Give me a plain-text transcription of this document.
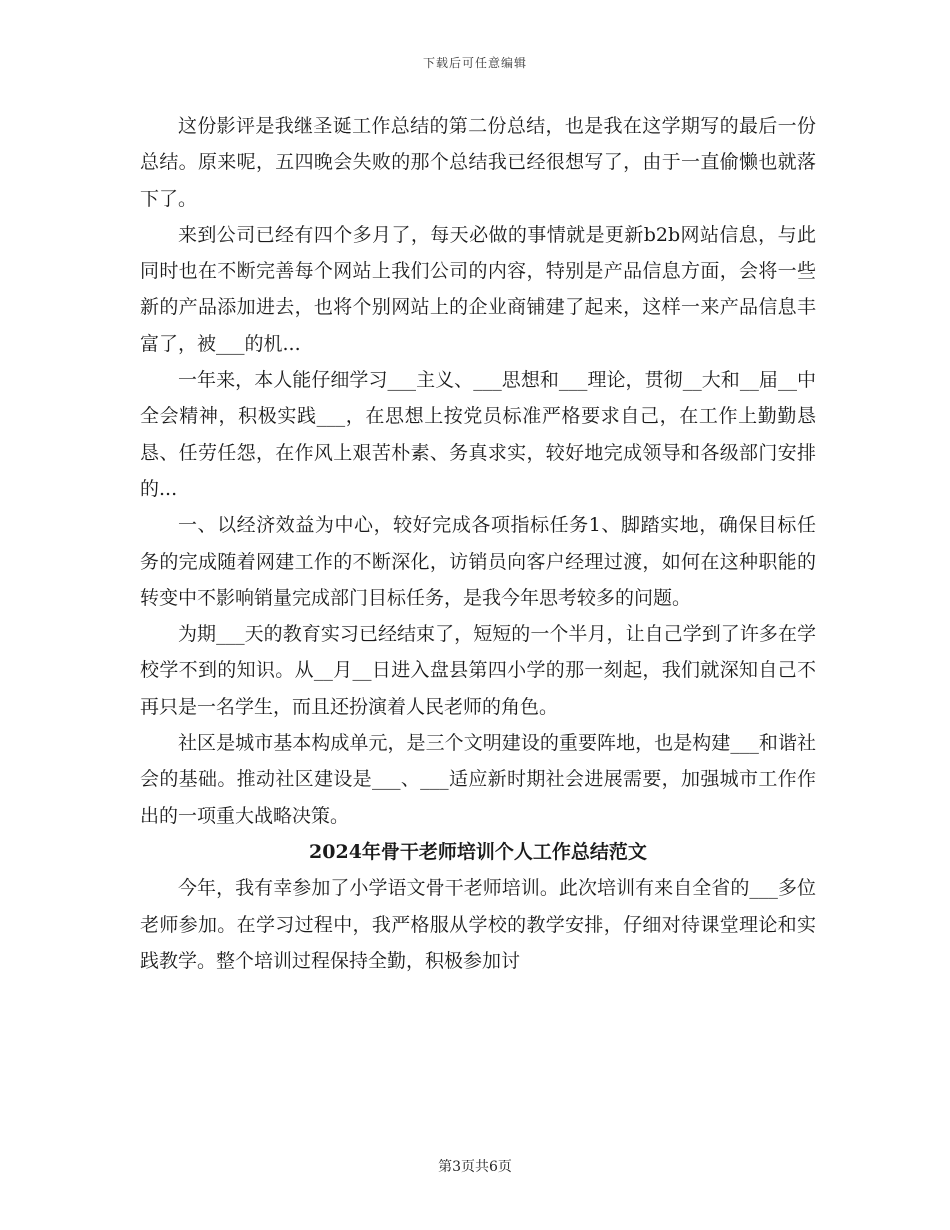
下载后可任意编辑

这份影评是我继圣诞工作总结的第二份总结，也是我在这学期写的最后一份总结。原来呢，五四晚会失败的那个总结我已经很想写了，由于一直偷懒也就落下了。

来到公司已经有四个多月了，每天必做的事情就是更新b2b网站信息，与此同时也在不断完善每个网站上我们公司的内容，特别是产品信息方面，会将一些新的产品添加进去，也将个别网站上的企业商铺建了起来，这样一来产品信息丰富了，被___的机...

一年来，本人能仔细学习___主义、___思想和___理论，贯彻__大和__届__中全会精神，积极实践___，在思想上按党员标准严格要求自己，在工作上勤勤恳恳、任劳任怨，在作风上艰苦朴素、务真求实，较好地完成领导和各级部门安排的...

一、以经济效益为中心，较好完成各项指标任务1、脚踏实地，确保目标任务的完成随着网建工作的不断深化，访销员向客户经理过渡，如何在这种职能的转变中不影响销量完成部门目标任务，是我今年思考较多的问题。

为期___天的教育实习已经结束了，短短的一个半月，让自己学到了许多在学校学不到的知识。从__月__日进入盘县第四小学的那一刻起，我们就深知自己不再只是一名学生，而且还扮演着人民老师的角色。

社区是城市基本构成单元，是三个文明建设的重要阵地，也是构建___和谐社会的基础。推动社区建设是___、___适应新时期社会进展需要，加强城市工作作出的一项重大战略决策。

2024年骨干老师培训个人工作总结范文

今年，我有幸参加了小学语文骨干老师培训。此次培训有来自全省的___多位老师参加。在学习过程中，我严格服从学校的教学安排，仔细对待课堂理论和实践教学。整个培训过程保持全勤，积极参加讨

第3页共6页
